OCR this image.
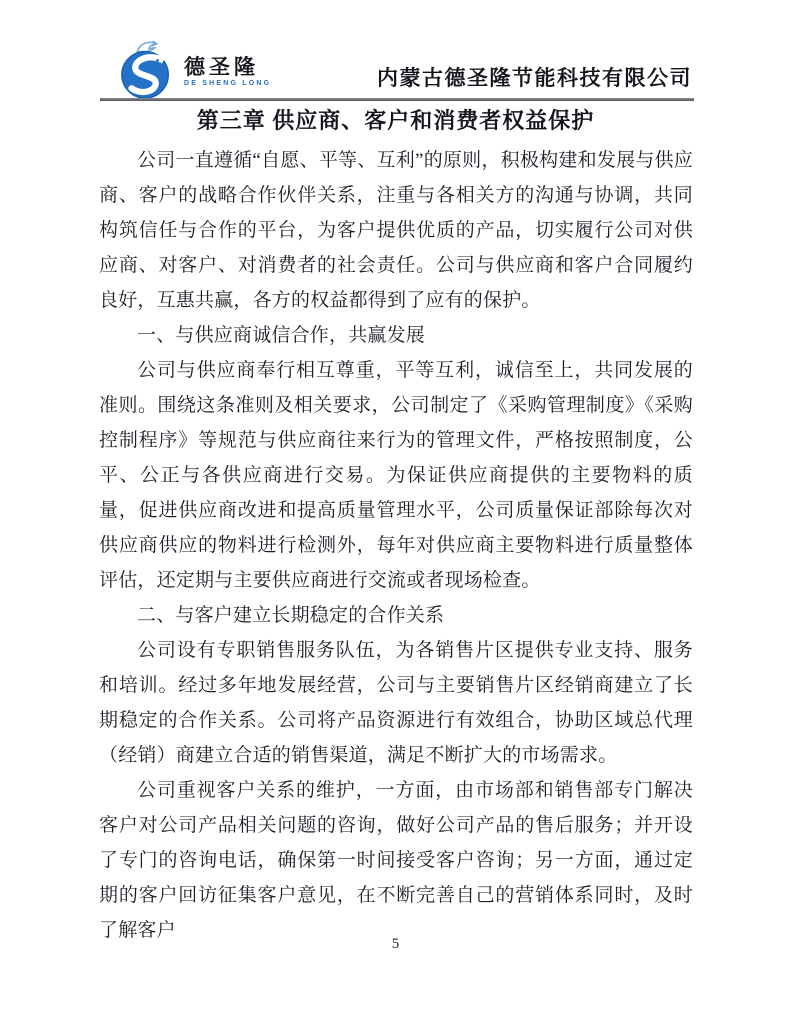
德圣隆
DE SHENG LONG	内蒙古德圣隆节能科技有限公司
第三章 供应商、客户和消费者权益保护

公司一直遵循“自愿、平等、互利”的原则，积极构建和发展与供应商、客户的战略合作伙伴关系，注重与各相关方的沟通与协调，共同构筑信任与合作的平台，为客户提供优质的产品，切实履行公司对供应商、对客户、对消费者的社会责任。公司与供应商和客户合同履约良好，互惠共赢，各方的权益都得到了应有的保护。

一、与供应商诚信合作，共赢发展

公司与供应商奉行相互尊重，平等互利，诚信至上，共同发展的准则。围绕这条准则及相关要求，公司制定了《采购管理制度》《采购控制程序》等规范与供应商往来行为的管理文件，严格按照制度，公平、公正与各供应商进行交易。为保证供应商提供的主要物料的质量，促进供应商改进和提高质量管理水平，公司质量保证部除每次对供应商供应的物料进行检测外，每年对供应商主要物料进行质量整体评估，还定期与主要供应商进行交流或者现场检查。

二、与客户建立长期稳定的合作关系

公司设有专职销售服务队伍，为各销售片区提供专业支持、服务和培训。经过多年地发展经营，公司与主要销售片区经销商建立了长期稳定的合作关系。公司将产品资源进行有效组合，协助区域总代理（经销）商建立合适的销售渠道，满足不断扩大的市场需求。

公司重视客户关系的维护，一方面，由市场部和销售部专门解决客户对公司产品相关问题的咨询，做好公司产品的售后服务；并开设了专门的咨询电话，确保第一时间接受客户咨询；另一方面，通过定期的客户回访征集客户意见，在不断完善自己的营销体系同时，及时了解客户

5
